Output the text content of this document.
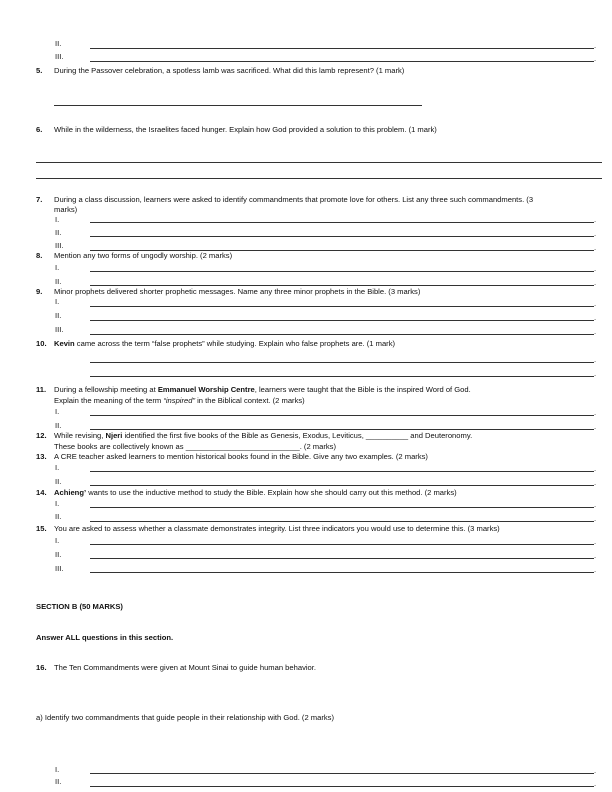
II.	.
III.	.
5. During the Passover celebration, a spotless lamb was sacrificed. What did this lamb represent? (1 mark)
6. While in the wilderness, the Israelites faced hunger. Explain how God provided a solution to this problem. (1 mark)
7. During a class discussion, learners were asked to identify commandments that promote love for others. List any three such commandments. (3
marks)
I.	.
II.	.
III.	.
8. Mention any two forms of ungodly worship. (2 marks)
I.	.
II.	.
9. Minor prophets delivered shorter prophetic messages. Name any three minor prophets in the Bible. (3 marks)
I.	.
II.	.
III.	.
10. Kevin came across the term “false prophets” while studying. Explain who false prophets are. (1 mark)
.
.
11. During a fellowship meeting at Emmanuel Worship Centre, learners were taught that the Bible is the inspired Word of God.
Explain the meaning of the term “inspired” in the Biblical context. (2 marks)
I.	.
II.	.
12. While revising, Njeri identified the first five books of the Bible as Genesis, Exodus, Leviticus, __________ and Deuteronomy.
These books are collectively known as ___________________________. (2 marks)
13. A CRE teacher asked learners to mention historical books found in the Bible. Give any two examples. (2 marks)
I.	.
II.	.
14. Achieng’ wants to use the inductive method to study the Bible. Explain how she should carry out this method. (2 marks)
I.	.
II.	.
15. You are asked to assess whether a classmate demonstrates integrity. List three indicators you would use to determine this. (3 marks)
I.	.
II.	.
III.	.
SECTION B (50 MARKS)
Answer ALL questions in this section.
16. The Ten Commandments were given at Mount Sinai to guide human behavior.
a) Identify two commandments that guide people in their relationship with God. (2 marks)
I.	.
II.	.
